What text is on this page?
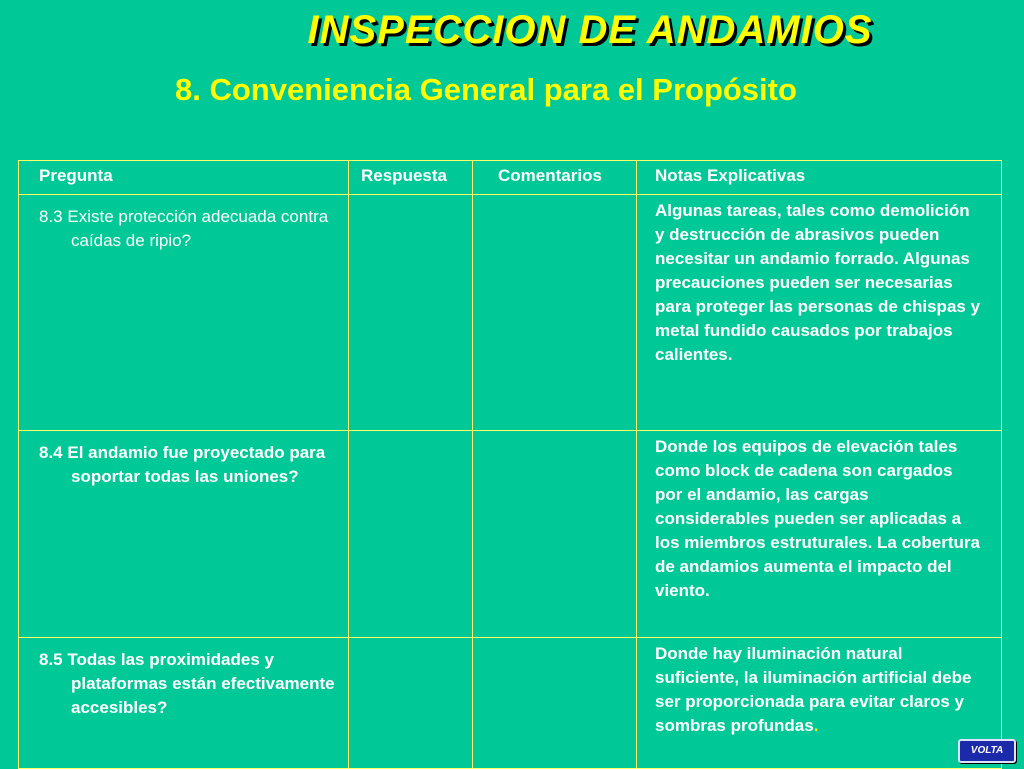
INSPECCION DE ANDAMIOS
8. Conveniencia General para el Propósito
Pregunta	Respuesta	Comentarios	Notas Explicativas

8.3 Existe protección adecuada contra caídas de ripio?			Algunas tareas, tales como demolición y destrucción de abrasivos pueden necesitar un andamio forrado. Algunas precauciones pueden ser necesarias para proteger las personas de chispas y metal fundido causados por trabajos calientes.

8.4 El andamio fue proyectado para soportar todas las uniones?			Donde los equipos de elevación tales como block de cadena son cargados por el andamio, las cargas considerables pueden ser aplicadas a los miembros estruturales. La cobertura de andamios aumenta el impacto del viento.

8.5 Todas las proximidades y plataformas están efectivamente accesibles?			Donde hay iluminación natural suficiente, la iluminación artificial debe ser proporcionada para evitar claros y sombras profundas.
VOLTA
